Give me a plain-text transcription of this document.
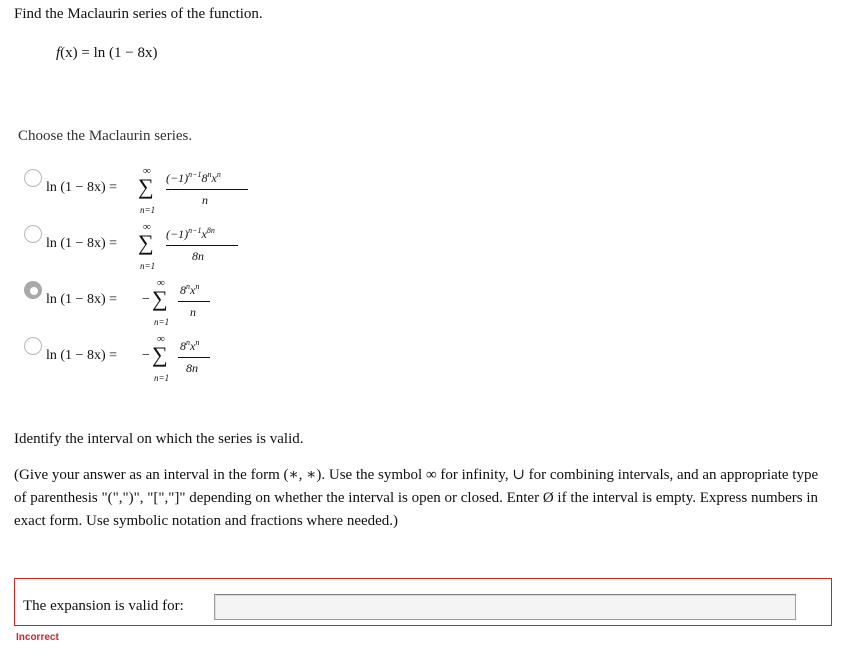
Find the Maclaurin series of the function.
f(x) = ln (1 − 8x)
Choose the Maclaurin series.
ln (1 − 8x) =
∞
∑
n=1
$(-1)^{n-1}8^nx^n$
n
ln (1 − 8x) =
∞
∑
n=1
$(-1)^{n-1}x^{8n}$
8n
ln (1 − 8x) = −
∞
∑
n=1
$8^nx^n$
n
ln (1 − 8x) = −
∞
∑
n=1
$8^nx^n$
8n
Identify the interval on which the series is valid.
(Give your answer as an interval in the form (∗, ∗). Use the symbol ∞ for infinity, ∪ for combining intervals, and an appropriate type of parenthesis "(",")", "[","]" depending on whether the interval is open or closed. Enter Ø if the interval is empty. Express numbers in exact form. Use symbolic notation and fractions where needed.)
The expansion is valid for:
Incorrect
